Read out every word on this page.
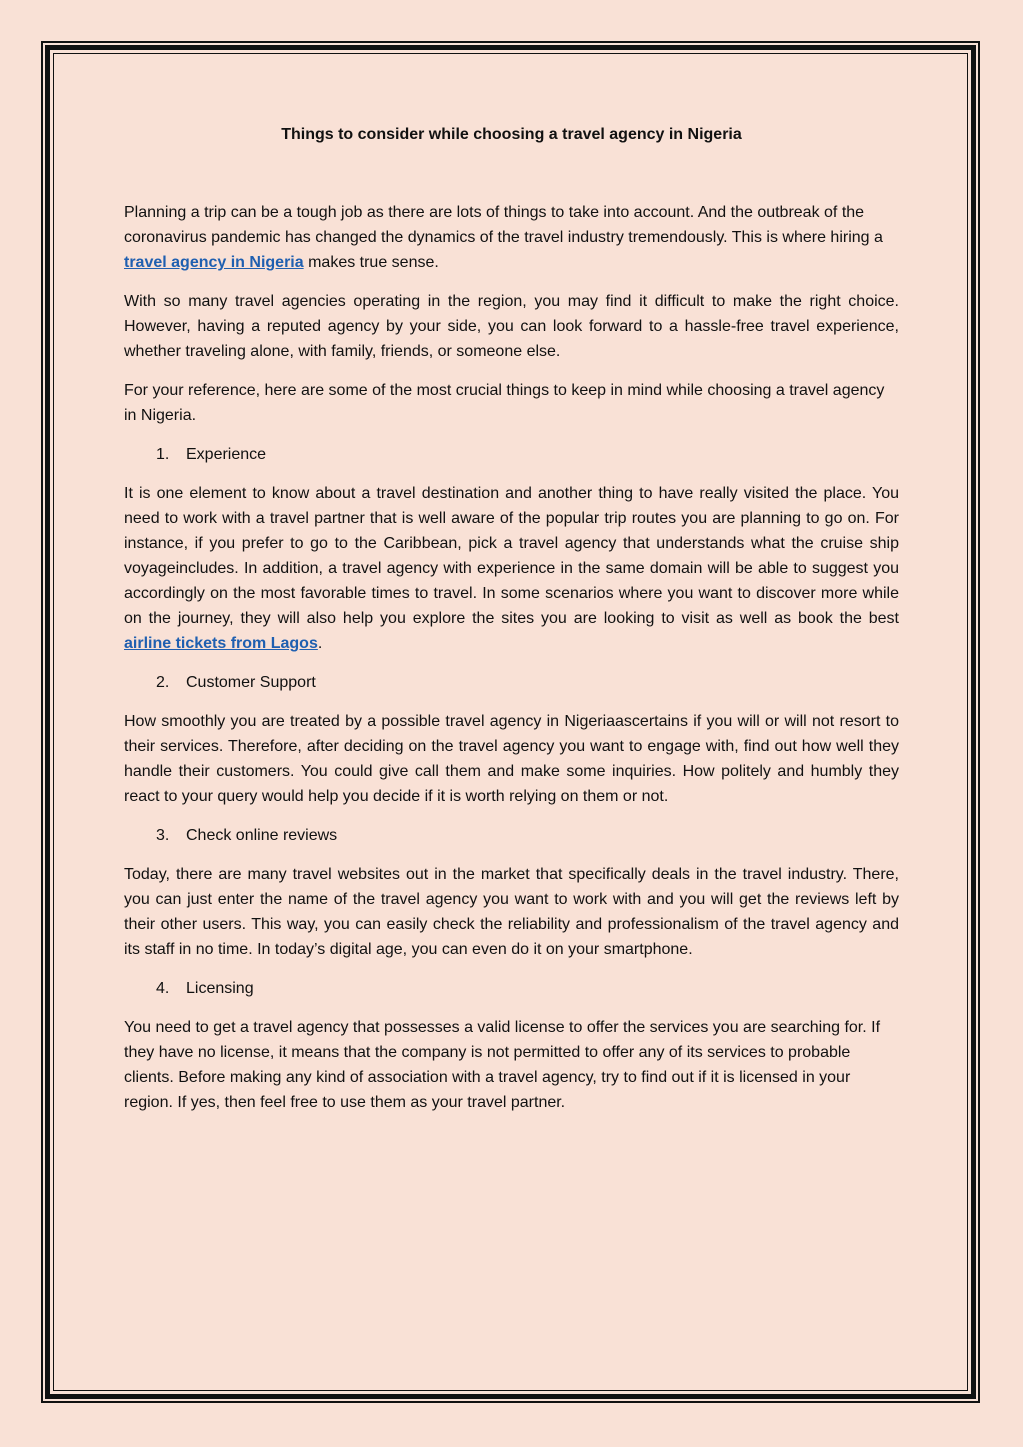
Things to consider while choosing a travel agency in Nigeria

Planning a trip can be a tough job as there are lots of things to take into account. And the outbreak of the coronavirus pandemic has changed the dynamics of the travel industry tremendously. This is where hiring a travel agency in Nigeria makes true sense.

With so many travel agencies operating in the region, you may find it difficult to make the right choice. However, having a reputed agency by your side, you can look forward to a hassle-free travel experience, whether traveling alone, with family, friends, or someone else.

For your reference, here are some of the most crucial things to keep in mind while choosing a travel agency in Nigeria.

1. Experience

It is one element to know about a travel destination and another thing to have really visited the place. You need to work with a travel partner that is well aware of the popular trip routes you are planning to go on. For instance, if you prefer to go to the Caribbean, pick a travel agency that understands what the cruise ship voyageincludes. In addition, a travel agency with experience in the same domain will be able to suggest you accordingly on the most favorable times to travel. In some scenarios where you want to discover more while on the journey, they will also help you explore the sites you are looking to visit as well as book the best airline tickets from Lagos.

2. Customer Support

How smoothly you are treated by a possible travel agency in Nigeriaascertains if you will or will not resort to their services. Therefore, after deciding on the travel agency you want to engage with, find out how well they handle their customers. You could give call them and make some inquiries. How politely and humbly they react to your query would help you decide if it is worth relying on them or not.

3. Check online reviews

Today, there are many travel websites out in the market that specifically deals in the travel industry. There, you can just enter the name of the travel agency you want to work with and you will get the reviews left by their other users. This way, you can easily check the reliability and professionalism of the travel agency and its staff in no time. In today’s digital age, you can even do it on your smartphone.

4. Licensing

You need to get a travel agency that possesses a valid license to offer the services you are searching for. If they have no license, it means that the company is not permitted to offer any of its services to probable clients. Before making any kind of association with a travel agency, try to find out if it is licensed in your region. If yes, then feel free to use them as your travel partner.
